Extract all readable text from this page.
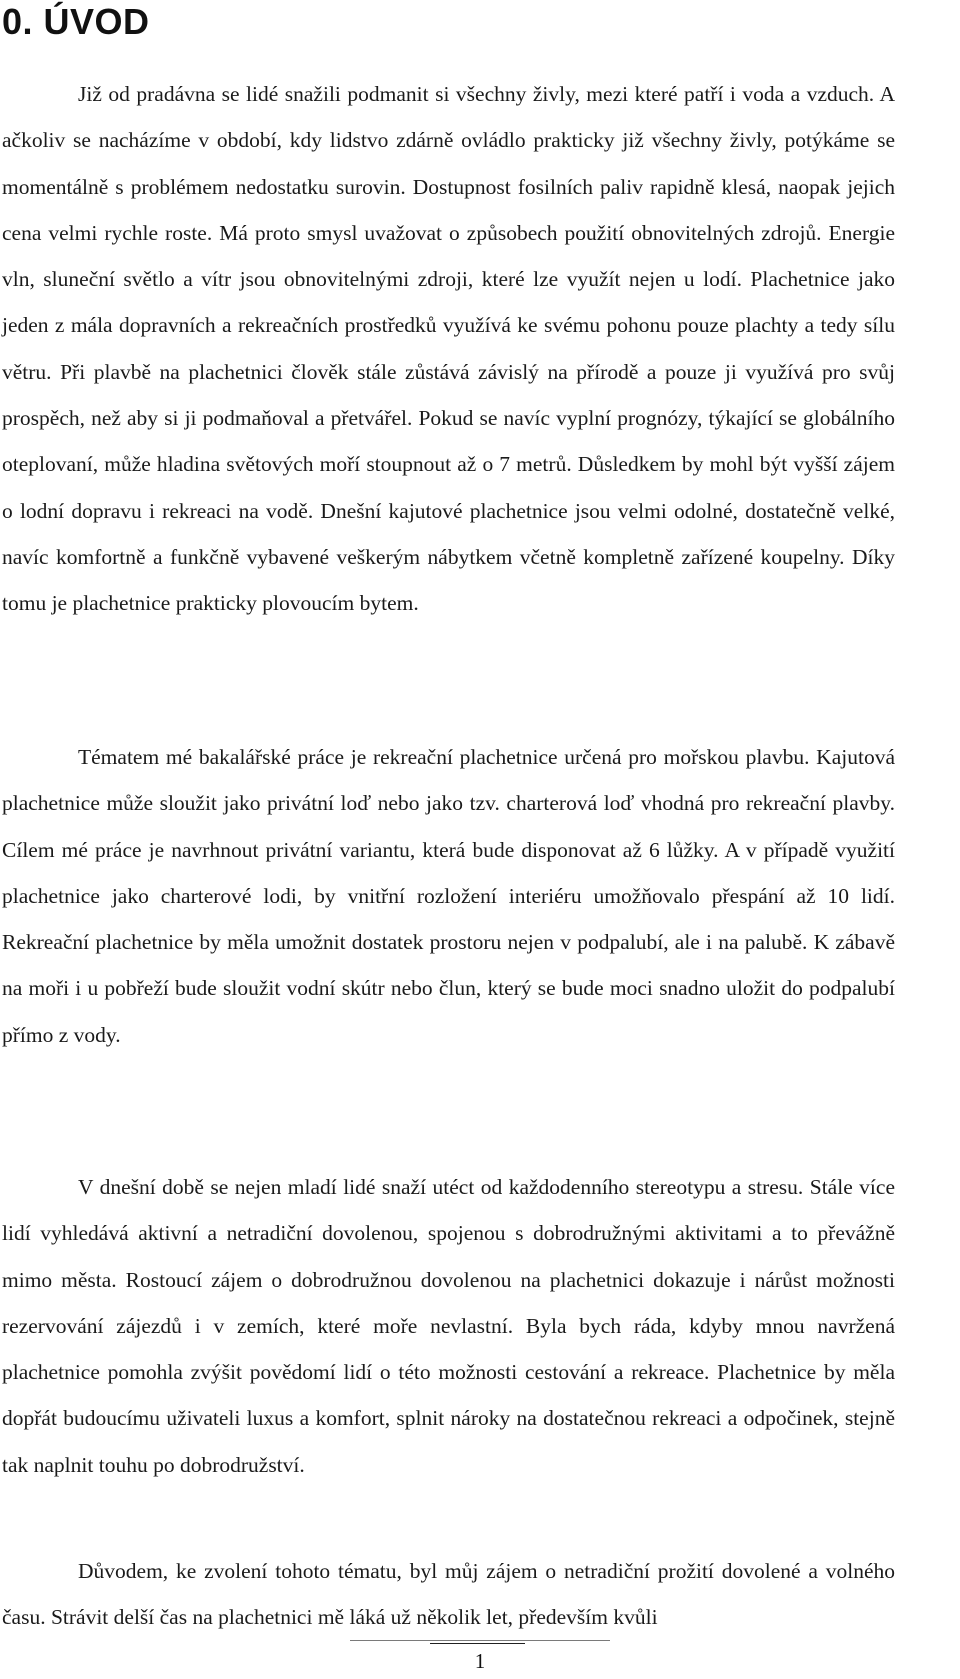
0. ÚVOD

Již od pradávna se lidé snažili podmanit si všechny živly, mezi které patří i voda a vzduch. A ačkoliv se nacházíme v období, kdy lidstvo zdárně ovládlo prakticky již všechny živly, potýkáme se momentálně s problémem nedostatku surovin. Dostupnost fosilních paliv rapidně klesá, naopak jejich cena velmi rychle roste. Má proto smysl uvažovat o způsobech použití obnovitelných zdrojů. Energie vln, sluneční světlo a vítr jsou obnovitelnými zdroji, které lze využít nejen u lodí. Plachetnice jako jeden z mála dopravních a rekreačních prostředků využívá ke svému pohonu pouze plachty a tedy sílu větru. Při plavbě na plachetnici člověk stále zůstává závislý na přírodě a pouze ji využívá pro svůj prospěch, než aby si ji podmaňoval a přetvářel. Pokud se navíc vyplní prognózy, týkající se globálního oteplovaní, může hladina světových moří stoupnout až o 7 metrů. Důsledkem by mohl být vyšší zájem o lodní dopravu i rekreaci na vodě. Dnešní kajutové plachetnice jsou velmi odolné, dostatečně velké, navíc komfortně a funkčně vybavené veškerým nábytkem včetně kompletně zařízené koupelny. Díky tomu je plachetnice prakticky plovoucím bytem.

Tématem mé bakalářské práce je rekreační plachetnice určená pro mořskou plavbu. Kajutová plachetnice může sloužit jako privátní loď nebo jako tzv. charterová loď vhodná pro rekreační plavby. Cílem mé práce je navrhnout privátní variantu, která bude disponovat až 6 lůžky. A v případě využití plachetnice jako charterové lodi, by vnitřní rozložení interiéru umožňovalo přespání až 10 lidí. Rekreační plachetnice by měla umožnit dostatek prostoru nejen v podpalubí, ale i na palubě. K zábavě na moři i u pobřeží bude sloužit vodní skútr nebo člun, který se bude moci snadno uložit do podpalubí přímo z vody.

V dnešní době se nejen mladí lidé snaží utéct od každodenního stereotypu a stresu. Stále více lidí vyhledává aktivní a netradiční dovolenou, spojenou s dobrodružnými aktivitami a to převážně mimo města. Rostoucí zájem o dobrodružnou dovolenou na plachetnici dokazuje i nárůst možnosti rezervování zájezdů i v zemích, které moře nevlastní. Byla bych ráda, kdyby mnou navržená plachetnice pomohla zvýšit povědomí lidí o této možnosti cestování a rekreace. Plachetnice by měla dopřát budoucímu uživateli luxus a komfort, splnit nároky na dostatečnou rekreaci a odpočinek, stejně tak naplnit touhu po dobrodružství.

Důvodem, ke zvolení tohoto tématu, byl můj zájem o netradiční prožití dovolené a volného času. Strávit delší čas na plachetnici mě láká už několik let, především kvůli

1
